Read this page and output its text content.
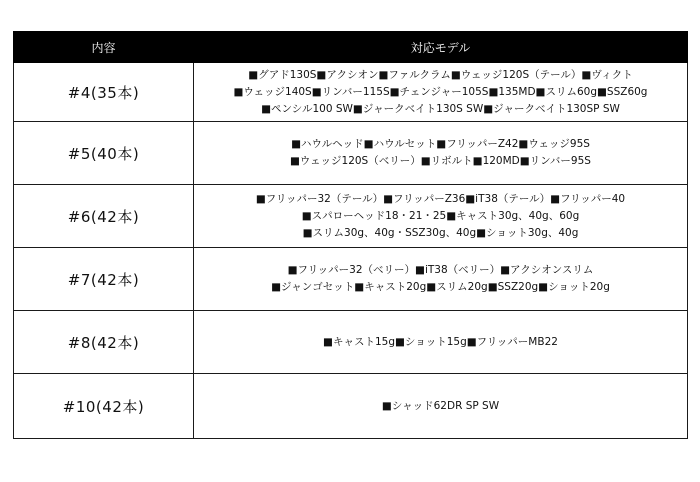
内容	対応モデル
#4(35本)	■グアド130S■アクシオン■ファルクラム■ウェッジ120S（テール）■ヴィクト
■ウェッジ140S■リンバー115S■チェンジャー105S■135MD■スリム60g■SSZ60g
■ペンシル100 SW■ジャークベイト130S SW■ジャークベイト130SP SW

#5(40本)	■ハウルヘッド■ハウルセット■フリッパーZ42■ウェッジ95S
■ウェッジ120S（ベリー）■リボルト■120MD■リンバー95S

#6(42本)	■フリッパー32（テール）■フリッパーZ36■iT38（テール）■フリッパー40
■スパローヘッド18・21・25■キャスト30g、40g、60g
■スリム30g、40g・SSZ30g、40g■ショット30g、40g

#7(42本)	■フリッパー32（ベリー）■iT38（ベリー）■アクシオンスリム
■ジャンゴセット■キャスト20g■スリム20g■SSZ20g■ショット20g

#8(42本)	■キャスト15g■ショット15g■フリッパーMB22

#10(42本)	■シャッド62DR SP SW
